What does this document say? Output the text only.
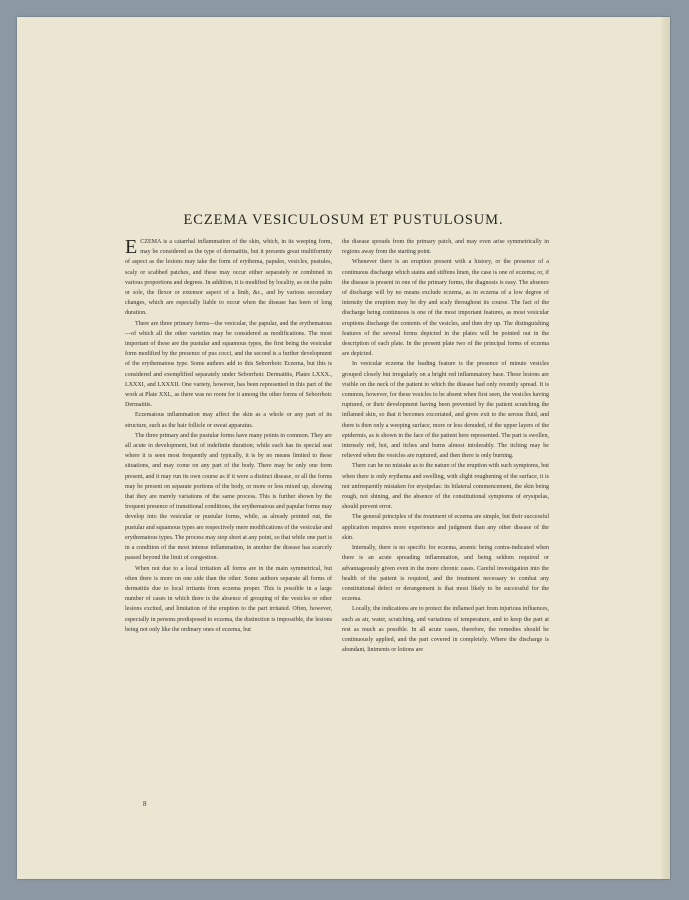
ECZEMA VESICULOSUM ET PUSTULOSUM.

ECZEMA is a catarrhal inflammation of the skin, which, in its weeping form, may be considered as the type of dermatitis, but it presents great multiformity of aspect as the lesions may take the form of erythema, papules, vesicles, pustules, scaly or scabbed patches, and these may occur either separately or combined in various proportions and degrees. In addition, it is modified by locality, as on the palm or sole, the flexor or extensor aspect of a limb, &c., and by various secondary changes, which are especially liable to occur when the disease has been of long duration.

There are three primary forms—the vesicular, the papular, and the erythematous—of which all the other varieties may be considered as modifications. The most important of these are the pustular and squamous types, the first being the vesicular form modified by the presence of pus cocci, and the second is a further development of the erythematous type. Some authors add to this Seborrhoic Eczema, but this is considered and exemplified separately under Seborrhoic Dermatitis, Plates LXXX., LXXXI, and LXXXII. One variety, however, has been represented in this part of the work at Plate XXL, as there was no room for it among the other forms of Seborrhoic Dermatitis.

Eczematous inflammation may affect the skin as a whole or any part of its structure, such as the hair follicle or sweat apparatus.

The three primary and the pustular forms have many points in common. They are all acute in development, but of indefinite duration; while each has its special seat where it is seen most frequently and typically, it is by no means limited to these situations, and may come on any part of the body. There may be only one form present, and it may run its own course as if it were a distinct disease, or all the forms may be present on separate portions of the body, or more or less mixed up, showing that they are merely variations of the same process. This is further shown by the frequent presence of transitional conditions, the erythematous and papular forms may develop into the vesicular or pustular forms, while, as already pointed out, the pustular and squamous types are respectively mere modifications of the vesicular and erythematous types. The process may stop short at any point, so that while one part is in a condition of the most intense inflammation, in another the disease has scarcely passed beyond the limit of congestion.

When not due to a local irritation all forms are in the main symmetrical, but often there is more on one side than the other. Some authors separate all forms of dermatitis due to local irritants from eczema proper. This is possible in a large number of cases in which there is the absence of grouping of the vesicles or other lesions excited, and limitation of the eruption to the part irritated. Often, however, especially in persons predisposed to eczema, the distinction is impossible, the lesions being not only like the ordinary ones of eczema, but

the disease spreads from the primary patch, and may even arise symmetrically in regions away from the starting point.

Whenever there is an eruption present with a history, or the presence of a continuous discharge which stains and stiffens linen, the case is one of eczema; or, if the disease is present in one of the primary forms, the diagnosis is easy. The absence of discharge will by no means exclude eczema, as in eczema of a low degree of intensity the eruption may be dry and scaly throughout its course. The fact of the discharge being continuous is one of the most important features, as most vesicular eruptions discharge the contents of the vesicles, and then dry up. The distinguishing features of the several forms depicted in the plates will be pointed out in the description of each plate. In the present plate two of the principal forms of eczema are depicted.

In vesicular eczema the leading feature is the presence of minute vesicles grouped closely but irregularly on a bright red inflammatory base. These lesions are visible on the neck of the patient to which the disease had only recently spread. It is common, however, for these vesicles to be absent when first seen, the vesicles having ruptured, or their development having been prevented by the patient scratching the inflamed skin, so that it becomes excoriated, and gives exit to the serous fluid, and there is then only a weeping surface, more or less denuded, of the upper layers of the epidermis, as is shown in the face of the patient here represented. The part is swollen, intensely red, hot, and itches and burns almost intolerably. The itching may be relieved when the vesicles are ruptured, and then there is only burning.

There can be no mistake as to the nature of the eruption with such symptoms, but when there is only erythema and swelling, with slight roughening of the surface, it is not unfrequently mistaken for erysipelas: its bilateral commencement, the skin being rough, not shining, and the absence of the constitutional symptoms of erysipelas, should prevent error.

The general principles of the treatment of eczema are simple, but their successful application requires more experience and judgment than any other disease of the skin.

Internally, there is no specific for eczema, arsenic being contra-indicated when there is an acute spreading inflammation, and being seldom required or advantageously given even in the more chronic cases. Careful investigation into the health of the patient is required, and the treatment necessary to combat any constitutional defect or derangement is that most likely to be successful for the eczema.

Locally, the indications are to protect the inflamed part from injurious influences, such as air, water, scratching, and variations of temperature, and to keep the part at rest as much as possible. In all acute cases, therefore, the remedies should be continuously applied, and the part covered in completely. Where the discharge is abundant, liniments or lotions are

8
